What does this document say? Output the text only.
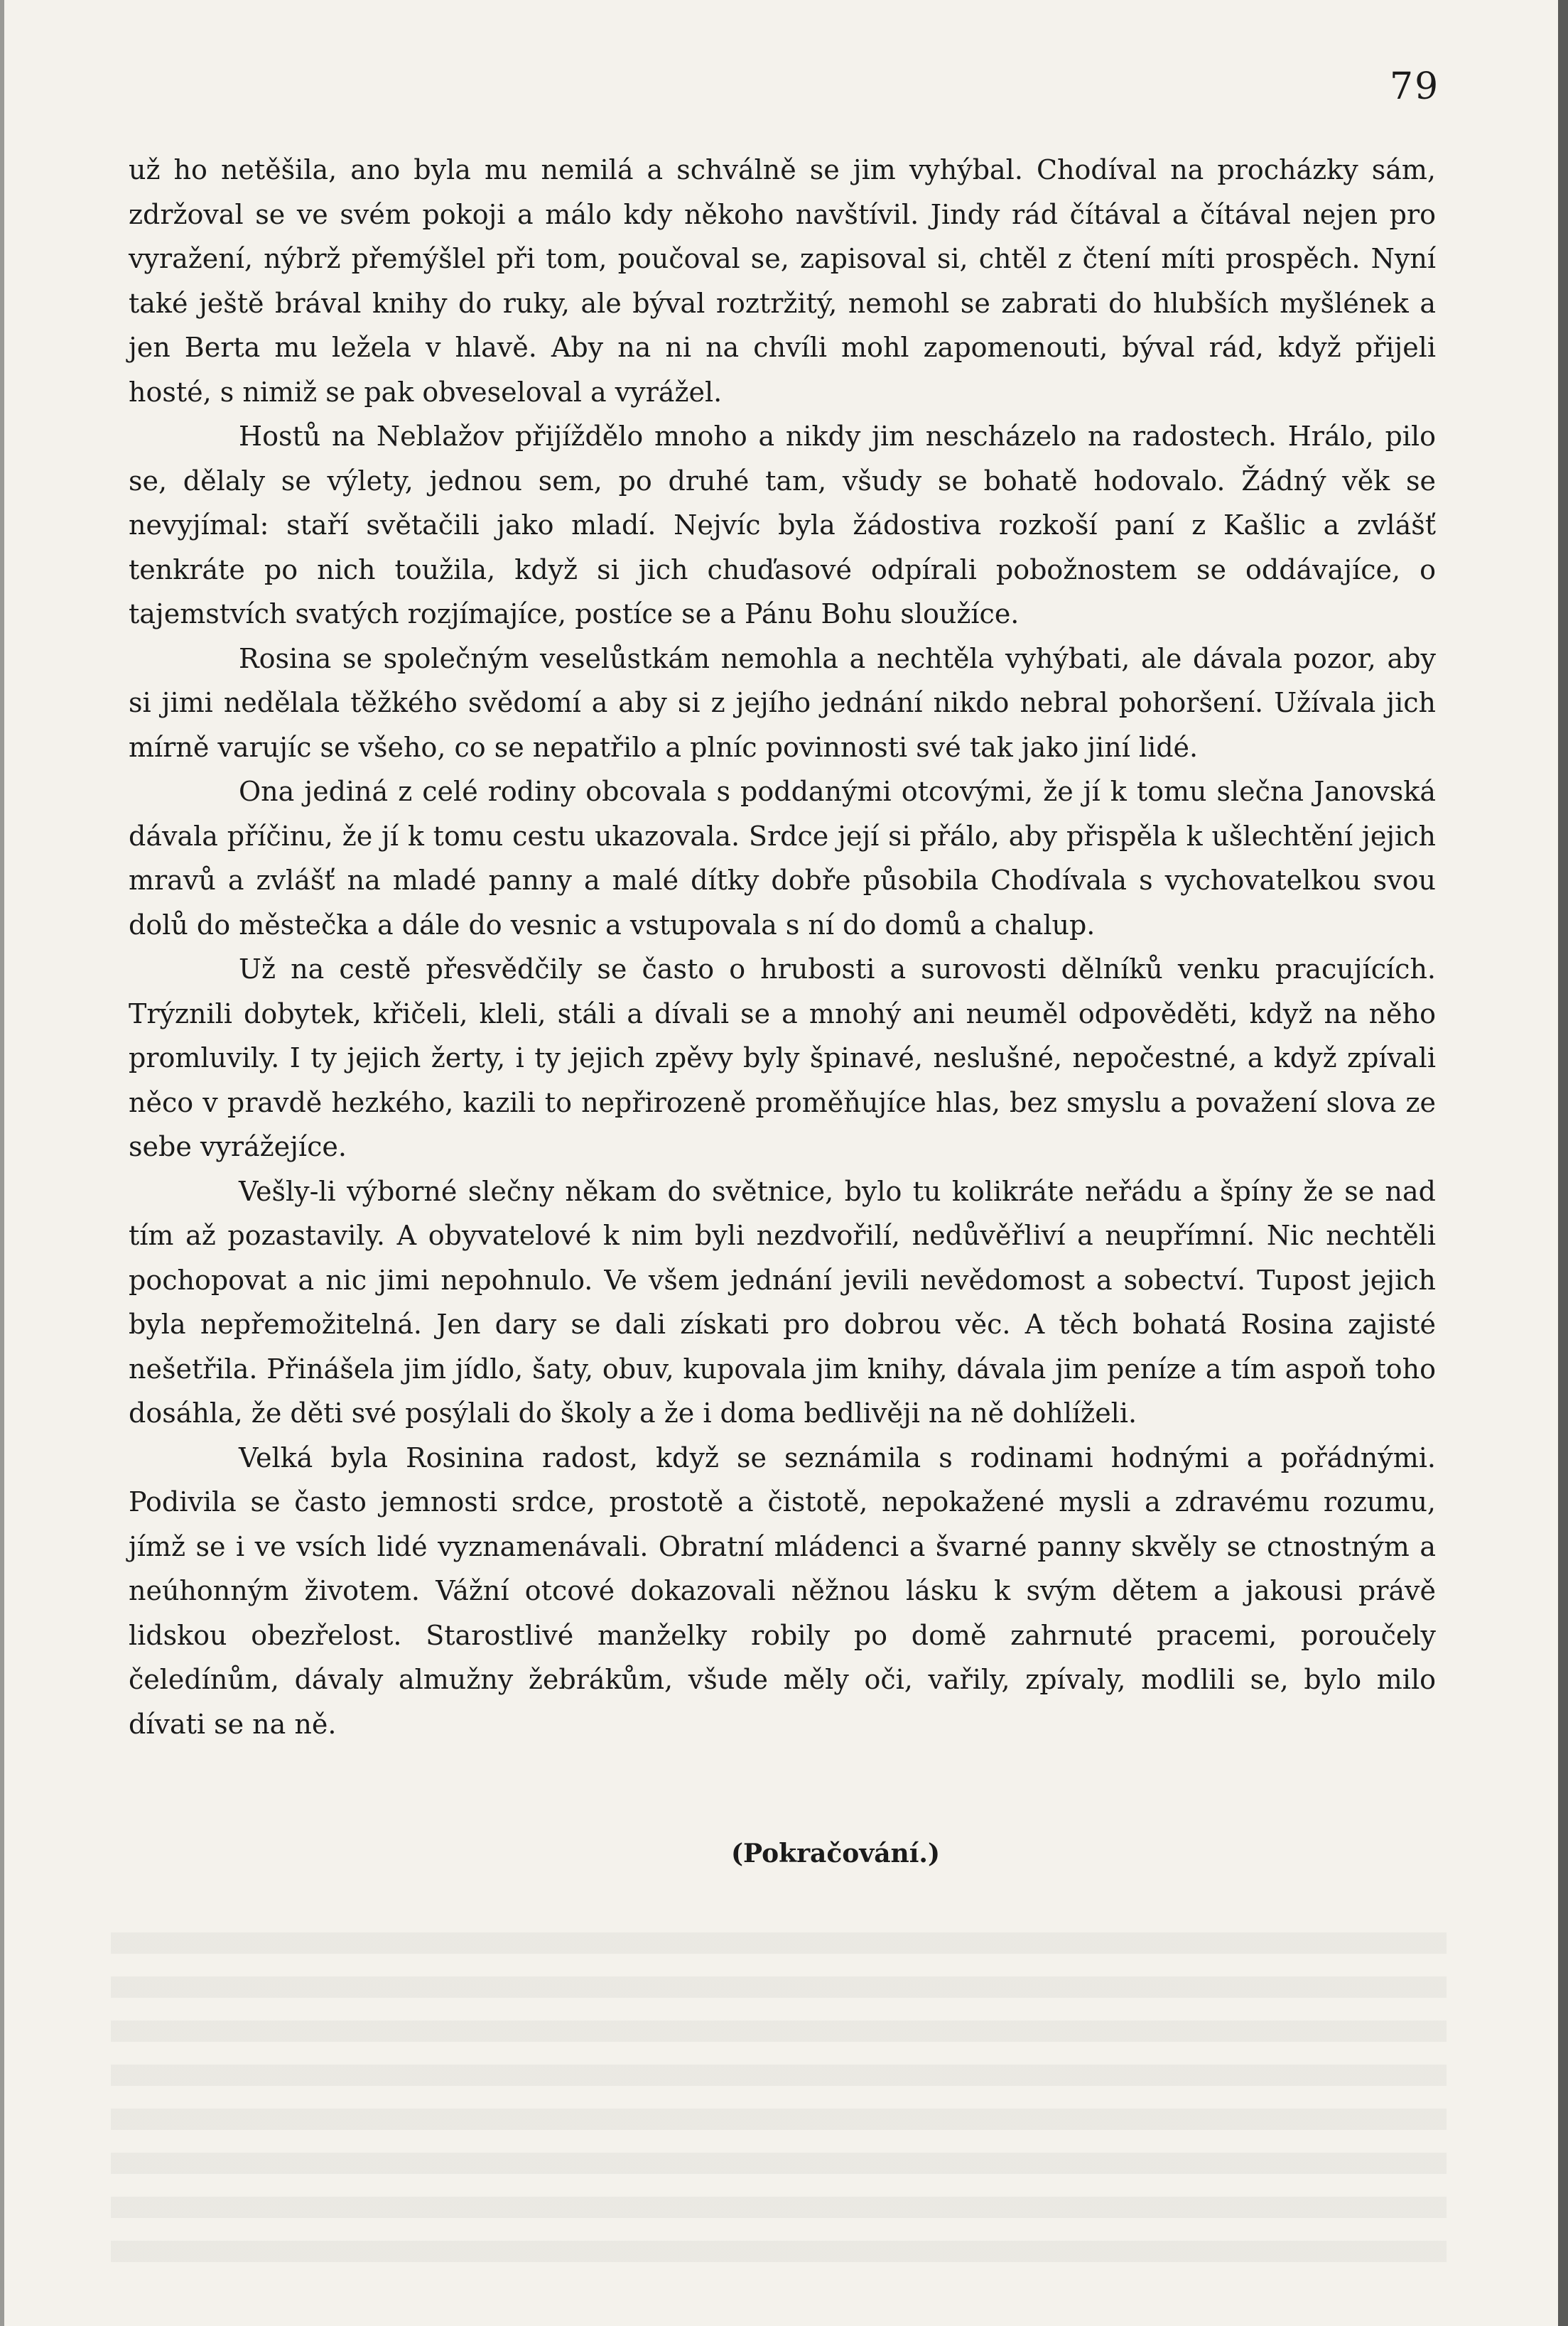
79

už ho netěšila, ano byla mu nemilá a schválně se jim vyhýbal. Chodíval na procházky sám, zdržoval se ve svém pokoji a málo kdy někoho navštívil. Jindy rád čítával a čítával nejen pro vyražení, nýbrž přemýšlel při tom, poučoval se, zapisoval si, chtěl z čtení míti prospěch. Nyní také ještě brával knihy do ruky, ale býval roztržitý, nemohl se zabrati do hlubších myšlének a jen Berta mu ležela v hlavě. Aby na ni na chvíli mohl zapomenouti, býval rád, když přijeli hosté, s nimiž se pak obveseloval a vyrážel.

Hostů na Neblažov přijíždělo mnoho a nikdy jim nescházelo na radostech. Hrálo, pilo se, dělaly se výlety, jednou sem, po druhé tam, všudy se bohatě hodovalo. Žádný věk se nevyjímal: staří světačili jako mladí. Nejvíc byla žádostiva rozkoší paní z Kašlic a zvlášť tenkráte po nich toužila, když si jich chuďasové odpírali pobožnostem se oddávajíce, o tajemstvích svatých rozjímajíce, postíce se a Pánu Bohu sloužíce.

Rosina se společným veselůstkám nemohla a nechtěla vyhýbati, ale dávala pozor, aby si jimi nedělala těžkého svědomí a aby si z jejího jednání nikdo nebral pohoršení. Užívala jich mírně varujíc se všeho, co se nepatřilo a plníc povinnosti své tak jako jiní lidé.

Ona jediná z celé rodiny obcovala s poddanými otcovými, že jí k tomu slečna Janovská dávala příčinu, že jí k tomu cestu ukazovala. Srdce její si přálo, aby přispěla k ušlechtění jejich mravů a zvlášť na mladé panny a malé dítky dobře působila Chodívala s vychovatelkou svou dolů do městečka a dále do vesnic a vstupovala s ní do domů a chalup.

Už na cestě přesvědčily se často o hrubosti a surovosti dělníků venku pracujících. Trýznili dobytek, křičeli, kleli, stáli a dívali se a mnohý ani neuměl odpověděti, když na něho promluvily. I ty jejich žerty, i ty jejich zpěvy byly špinavé, neslušné, nepočestné, a když zpívali něco v pravdě hezkého, kazili to nepřirozeně proměňujíce hlas, bez smyslu a považení slova ze sebe vyrážejíce.

Vešly-li výborné slečny někam do světnice, bylo tu kolikráte neřádu a špíny že se nad tím až pozastavily. A obyvatelové k nim byli nezdvořilí, nedůvěřliví a neupřímní. Nic nechtěli pochopovat a nic jimi nepohnulo. Ve všem jednání jevili nevědomost a sobectví. Tupost jejich byla nepřemožitelná. Jen dary se dali získati pro dobrou věc. A těch bohatá Rosina zajisté nešetřila. Přinášela jim jídlo, šaty, obuv, kupovala jim knihy, dávala jim peníze a tím aspoň toho dosáhla, že děti své posýlali do školy a že i doma bedlivěji na ně dohlíželi.

Velká byla Rosinina radost, když se seznámila s rodinami hodnými a pořádnými. Podivila se často jemnosti srdce, prostotě a čistotě, nepokažené mysli a zdravému rozumu, jímž se i ve vsích lidé vyznamenávali. Obratní mládenci a švarné panny skvěly se ctnostným a neúhonným životem. Vážní otcové dokazovali něžnou lásku k svým dětem a jakousi právě lidskou obezřelost. Starostlivé manželky robily po domě zahrnuté pracemi, poroučely čeledínům, dávaly almužny žebrákům, všude měly oči, vařily, zpívaly, modlili se, bylo milo dívati se na ně.

(Pokračování.)
